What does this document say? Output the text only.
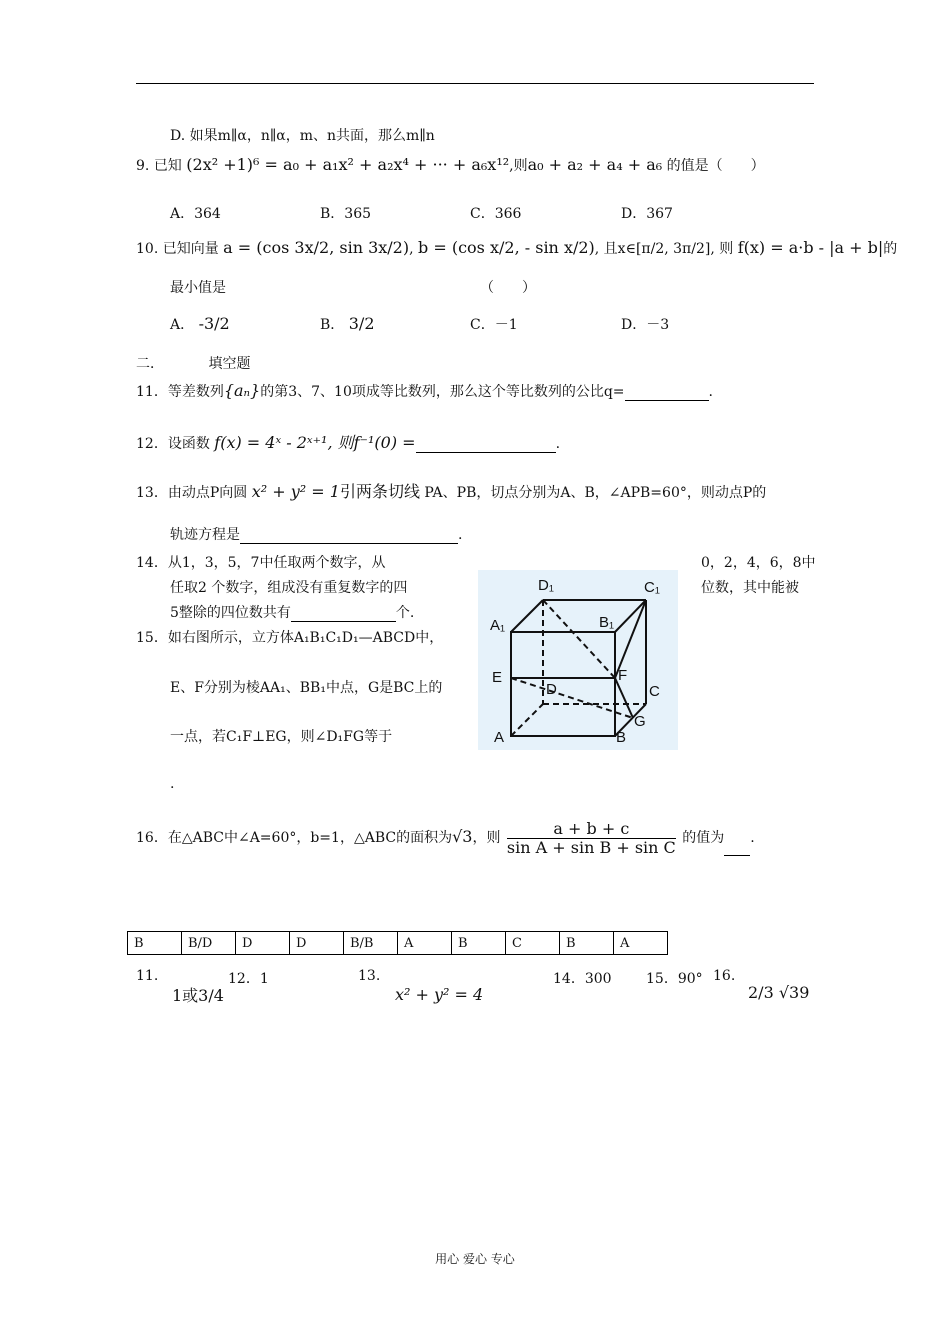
D. 如果m∥α，n∥α，m、n共面，那么m∥n
9. 已知 (2x² +1)⁶ = a₀ + a₁x² + a₂x⁴ + ··· + a₆x¹²,则a₀ + a₂ + a₄ + a₆ 的值是（　　）
A．364	B．365	C．366	D．367
10. 已知向量 a = (cos 3x/2, sin 3x/2), b = (cos x/2, - sin x/2), 且x∈[π/2, 3π/2], 则 f(x) = a·b - |a + b|的
最小值是	（　　）
A． -3/2	B． 3/2	C．－1	D．－3
二．	填空题
11．等差数列{aₙ}的第3、7、10项成等比数列，那么这个等比数列的公比q=	.
12．设函数 f(x) = 4ˣ - 2ˣ⁺¹, 则f⁻¹(0) =	.
13．由动点P向圆 x² + y² = 1引两条切线 PA、PB，切点分别为A、B，∠APB=60°，则动点P的
轨迹方程是	.
14．从1，3，5，7中任取两个数字，从	0，2，4，6，8中
任取2 个数字，组成没有重复数字的四	位数，其中能被
5整除的四位数共有	个.
15．如右图所示，立方体A₁B₁C₁D₁—ABCD中，
E、F分别为棱AA₁、BB₁中点，G是BC上的
一点，若C₁F⊥EG，则∠D₁FG等于
.
D₁	C₁
A₁	B₁
E	F
D	C
G
A	B
16．在△ABC中∠A=60°，b=1，△ABC的面积为√3，则 $\frac{a + b + c}{\text{sin A + sin B + sin C}}$ 的值为 .
B	B/D	D	D	B/B	A	B	C	B	A
11.
1或3/4
12．1	13.
x² + y² = 4
14．300 15．90° 16.
2/3 √39
用心 爱心 专心
